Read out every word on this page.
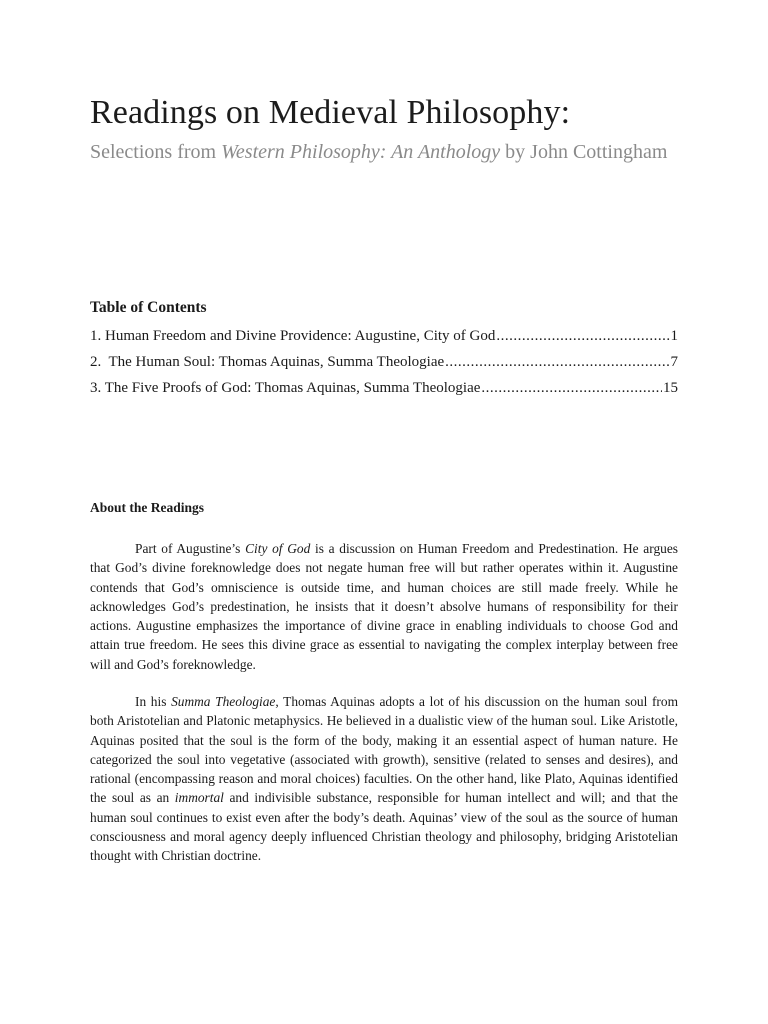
Readings on Medieval Philosophy:

Selections from Western Philosophy: An Anthology by John Cottingham

Table of Contents
1. Human Freedom and Divine Providence: Augustine, City of God .....	1
2.  The Human Soul: Thomas Aquinas, Summa Theologiae .....	7
3. The Five Proofs of God: Thomas Aquinas, Summa Theologiae .....	15
About the Readings

Part of Augustine’s City of God is a discussion on Human Freedom and Predestination. He argues that God’s divine foreknowledge does not negate human free will but rather operates within it. Augustine contends that God’s omniscience is outside time, and human choices are still made freely. While he acknowledges God’s predestination, he insists that it doesn’t absolve humans of responsibility for their actions. Augustine emphasizes the importance of divine grace in enabling individuals to choose God and attain true freedom. He sees this divine grace as essential to navigating the complex interplay between free will and God’s foreknowledge.

In his Summa Theologiae, Thomas Aquinas adopts a lot of his discussion on the human soul from both Aristotelian and Platonic metaphysics. He believed in a dualistic view of the human soul. Like Aristotle, Aquinas posited that the soul is the form of the body, making it an essential aspect of human nature. He categorized the soul into vegetative (associated with growth), sensitive (related to senses and desires), and rational (encompassing reason and moral choices) faculties. On the other hand, like Plato, Aquinas identified the soul as an immortal and indivisible substance, responsible for human intellect and will; and that the human soul continues to exist even after the body’s death. Aquinas’ view of the soul as the source of human consciousness and moral agency deeply influenced Christian theology and philosophy, bridging Aristotelian thought with Christian doctrine.
